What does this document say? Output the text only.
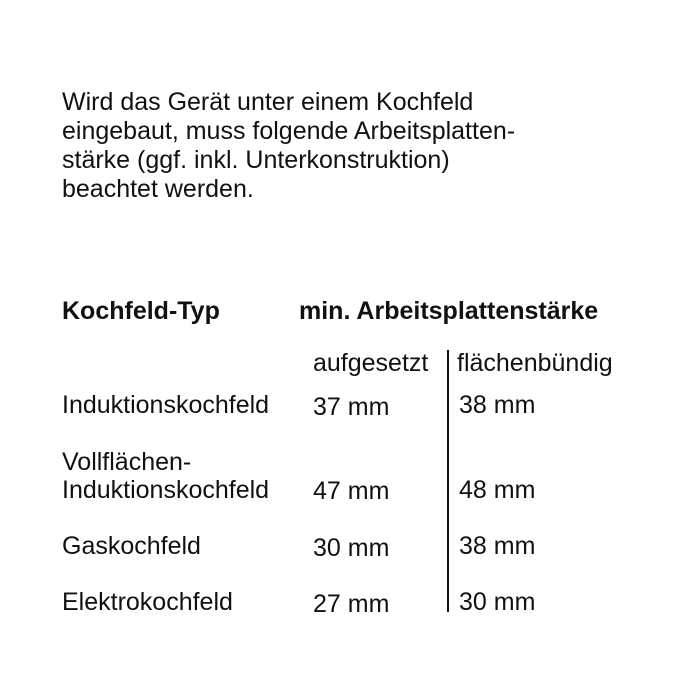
Wird das Gerät unter einem Kochfeld
eingebaut, muss folgende Arbeitsplatten-
stärke (ggf. inkl. Unterkonstruktion)
beachtet werden.
Kochfeld-Typ	min. Arbeitsplattenstärke
aufgesetzt flächenbündig
Induktionskochfeld 37 mm	38 mm
Vollflächen-
Induktionskochfeld 47 mm	48 mm
Gaskochfeld	30 mm	38 mm
Elektrokochfeld	27 mm	30 mm
